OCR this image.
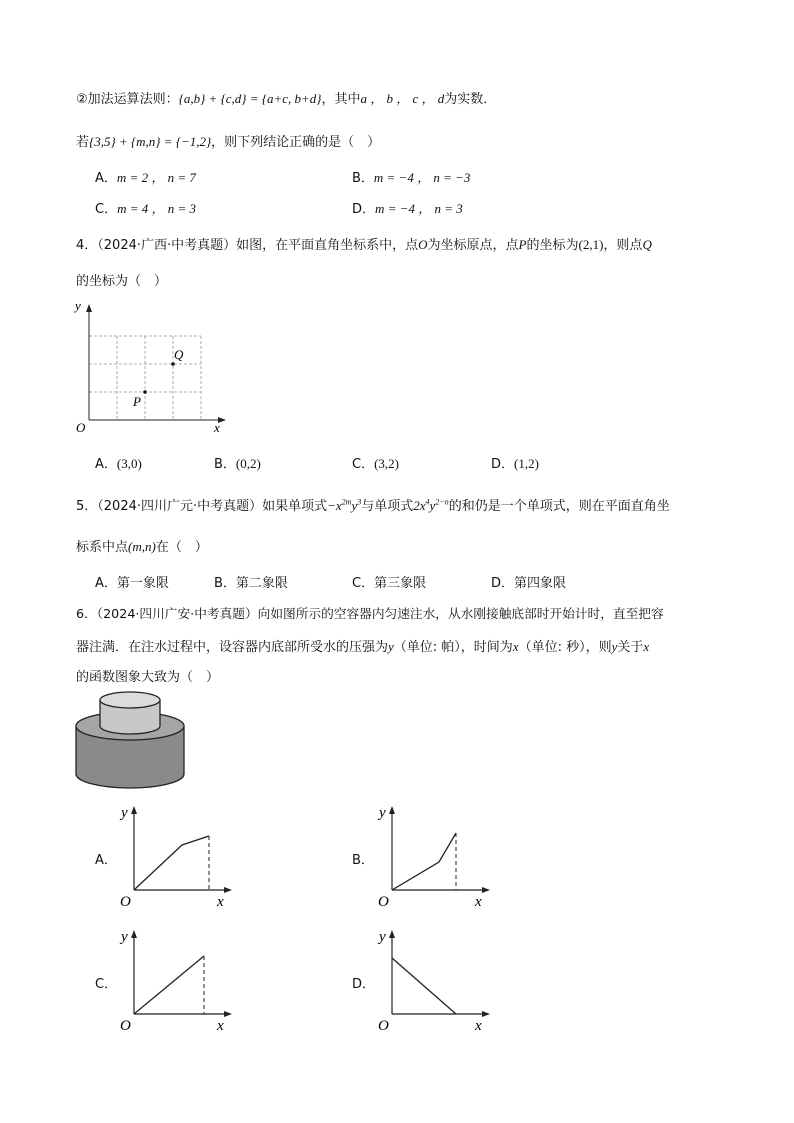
②加法运算法则：{a,b} + {c,d} = {a+c, b+d}，其中a ， b ， c ， d为实数．
若{3,5} + {m,n} = {−1,2}，则下列结论正确的是（　）
A．m = 2 ， n = 7	B．m = −4 ， n = −3
C．m = 4 ， n = 3	D．m = −4 ， n = 3
4．（2024·广西·中考真题）如图，在平面直角坐标系中，点O为坐标原点，点P的坐标为(2,1)，则点Q
的坐标为（　）
y
x
O
P
Q
A．(3,0)	B．(0,2)	C．(3,2)	D．(1,2)
5．（2024·四川广元·中考真题）如果单项式$-x^{2m}y^3$与单项式$2x^4y^{2-n}$的和仍是一个单项式，则在平面直角坐
标系中点(m,n)在（　）
A．第一象限	B．第二象限	C．第三象限	D．第四象限
6．（2024·四川广安·中考真题）向如图所示的空容器内匀速注水，从水刚接触底部时开始计时，直至把容
器注满．在注水过程中，设容器内底部所受水的压强为y（单位: 帕），时间为x（单位: 秒），则y关于x
的函数图象大致为（　）
A．
y
x
O
B．
y
x
O
C．
y
x
O
D．
y
x
O
